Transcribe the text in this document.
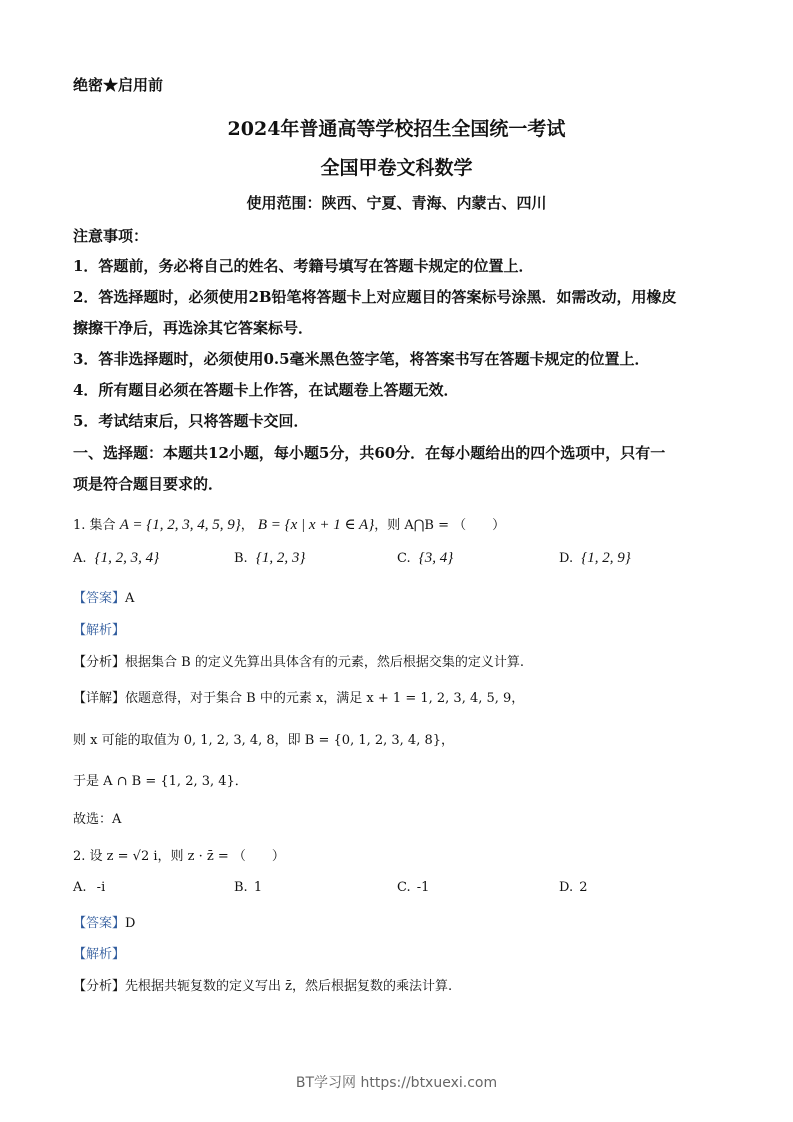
绝密★启用前
2024年普通高等学校招生全国统一考试
全国甲卷文科数学
使用范围：陕西、宁夏、青海、内蒙古、四川
注意事项：
1．答题前，务必将自己的姓名、考籍号填写在答题卡规定的位置上．
2．答选择题时，必须使用2B铅笔将答题卡上对应题目的答案标号涂黑．如需改动，用橡皮
擦擦干净后，再选涂其它答案标号．
3．答非选择题时，必须使用0.5毫米黑色签字笔，将答案书写在答题卡规定的位置上．
4．所有题目必须在答题卡上作答，在试题卷上答题无效．
5．考试结束后，只将答题卡交回．
一、选择题：本题共12小题，每小题5分，共60分．在每小题给出的四个选项中，只有一
项是符合题目要求的．
1. 集合 A = {1, 2, 3, 4, 5, 9}， B = {x | x + 1 ∈ A}，则 A⋂B = （　　）
A. {1, 2, 3, 4}	B. {1, 2, 3}	C. {3, 4}	D. {1, 2, 9}
【答案】A
【解析】
【分析】根据集合 B 的定义先算出具体含有的元素，然后根据交集的定义计算.
【详解】依题意得，对于集合 B 中的元素 x，满足 x + 1 = 1, 2, 3, 4, 5, 9，
则 x 可能的取值为 0, 1, 2, 3, 4, 8，即 B = {0, 1, 2, 3, 4, 8}，
于是 A ∩ B = {1, 2, 3, 4}．
故选：A
2. 设 z = √2 i，则 z · z̄ = （　　）
A. -i	B. 1	C. -1	D. 2
【答案】D
【解析】
【分析】先根据共轭复数的定义写出 z̄，然后根据复数的乘法计算.
BT学习网 https://btxuexi.com
